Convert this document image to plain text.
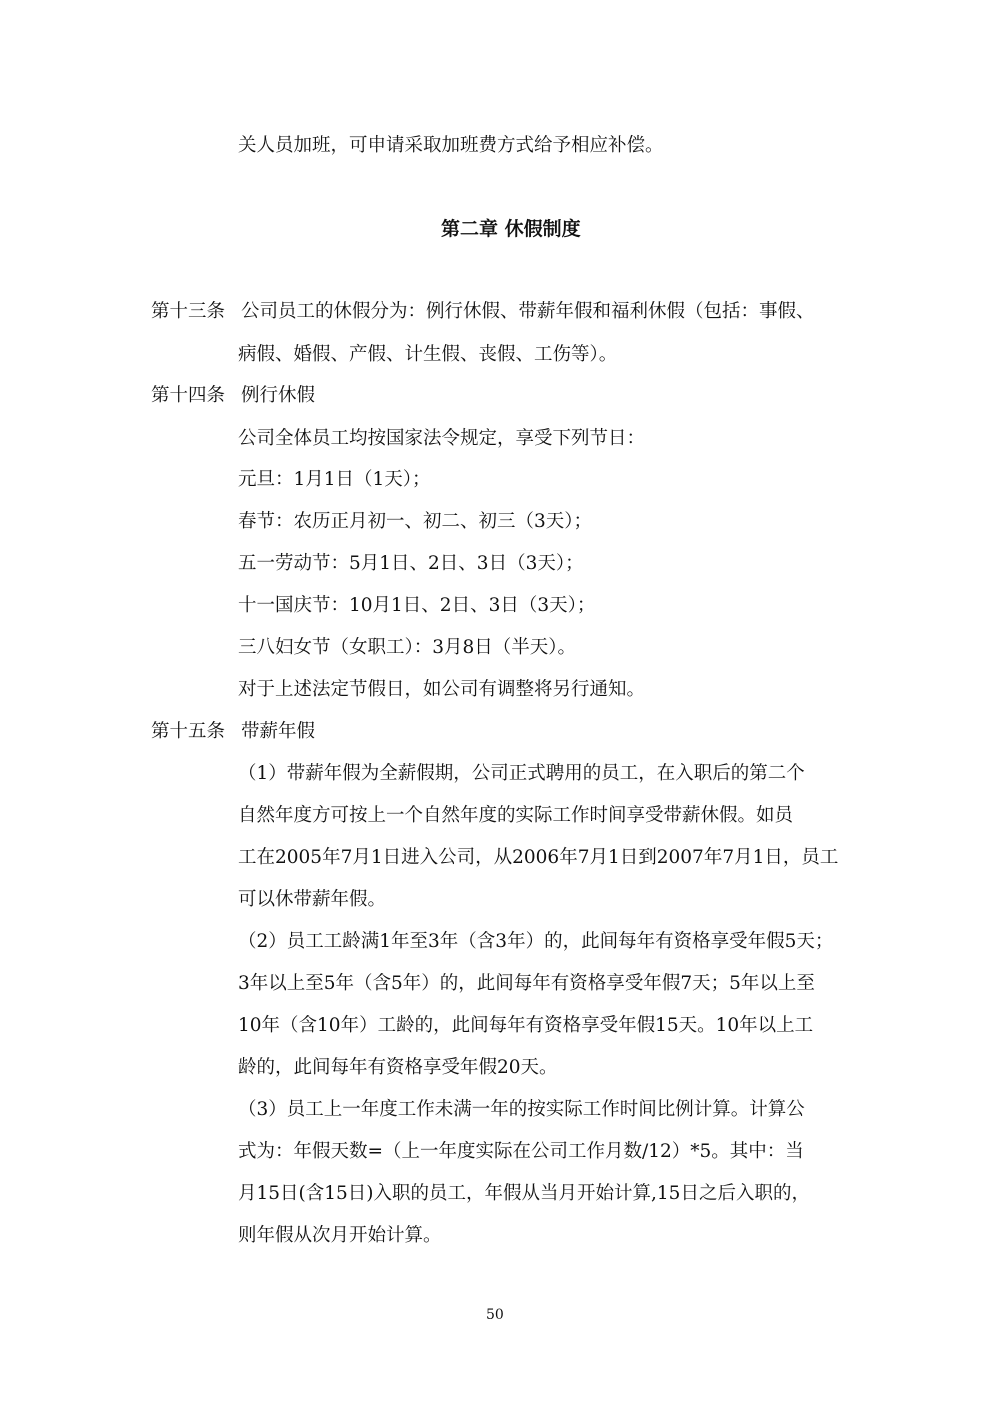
关人员加班，可申请采取加班费方式给予相应补偿。
第二章 休假制度
第十三条 公司员工的休假分为：例行休假、带薪年假和福利休假（包括：事假、
病假、婚假、产假、计生假、丧假、工伤等）。
第十四条 例行休假
公司全体员工均按国家法令规定，享受下列节日：
元旦：1月1日（1天）；
春节：农历正月初一、初二、初三（3天）；
五一劳动节：5月1日、2日、3日（3天）；
十一国庆节：10月1日、2日、3日（3天）；
三八妇女节（女职工）：3月8日（半天）。
对于上述法定节假日，如公司有调整将另行通知。
第十五条 带薪年假
（1）带薪年假为全薪假期，公司正式聘用的员工，在入职后的第二个
自然年度方可按上一个自然年度的实际工作时间享受带薪休假。如员
工在2005年7月1日进入公司，从2006年7月1日到2007年7月1日，员工
可以休带薪年假。
（2）员工工龄满1年至3年（含3年）的，此间每年有资格享受年假5天；
3年以上至5年（含5年）的，此间每年有资格享受年假7天；5年以上至
10年（含10年）工龄的，此间每年有资格享受年假15天。10年以上工
龄的，此间每年有资格享受年假20天。
（3）员工上一年度工作未满一年的按实际工作时间比例计算。计算公
式为：年假天数=（上一年度实际在公司工作月数/12）*5。其中：当
月15日(含15日)入职的员工，年假从当月开始计算,15日之后入职的，
则年假从次月开始计算。
50
